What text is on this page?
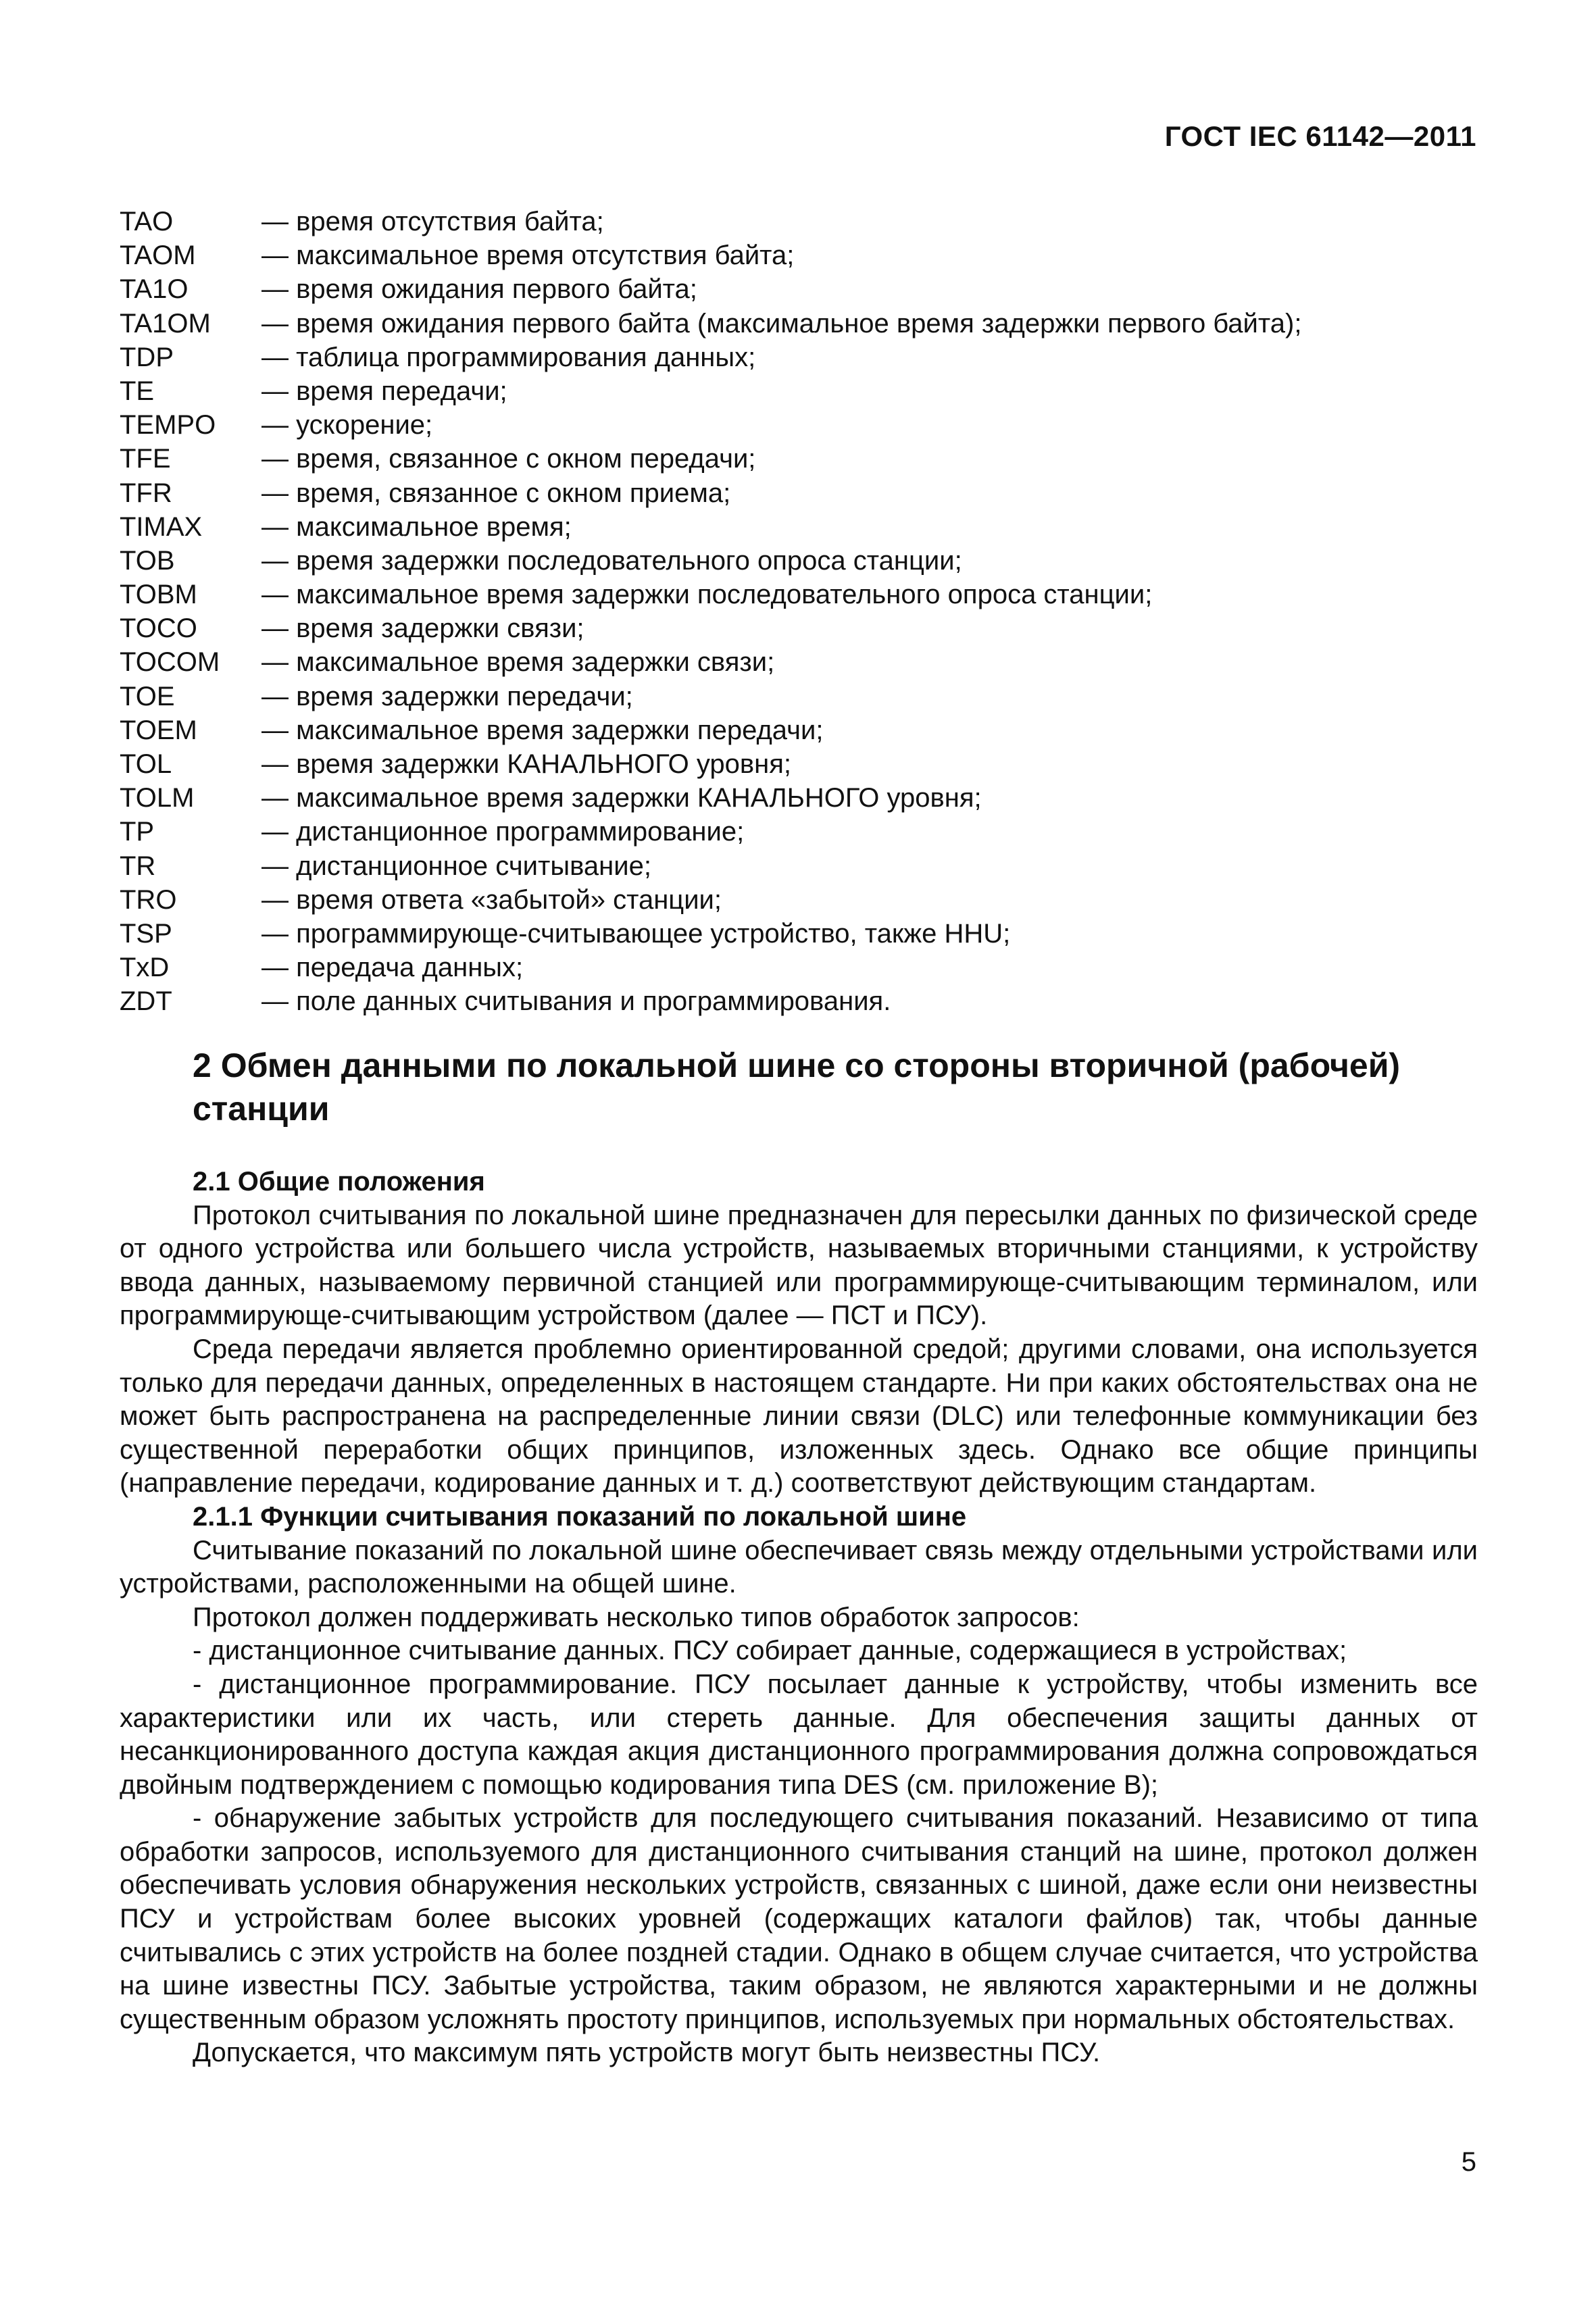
ГОСТ IEC 61142—2011
TAO	— время отсутствия байта;
TAOM	— максимальное время отсутствия байта;
TA1O	— время ожидания первого байта;
TA1OM	— время ожидания первого байта (максимальное время задержки первого байта);
TDP	— таблица программирования данных;
TE	— время передачи;
TEMPO	— ускорение;
TFE	— время, связанное с окном передачи;
TFR	— время, связанное с окном приема;
TIMAX	— максимальное время;
TOB	— время задержки последовательного опроса станции;
TOBM	— максимальное время задержки последовательного опроса станции;
TOCO	— время задержки связи;
TOCOM	— максимальное время задержки связи;
TOE	— время задержки передачи;
TOEM	— максимальное время задержки передачи;
TOL	— время задержки КАНАЛЬНОГО уровня;
TOLM	— максимальное время задержки КАНАЛЬНОГО уровня;
TP	— дистанционное программирование;
TR	— дистанционное считывание;
TRO	— время ответа «забытой» станции;
TSP	— программирующе-считывающее устройство, также HHU;
TxD	— передача данных;
ZDT	— поле данных считывания и программирования.
2 Обмен данными по локальной шине со стороны вторичной (рабочей) станции

2.1 Общие положения

Протокол считывания по локальной шине предназначен для пересылки данных по физической среде от одного устройства или большего числа устройств, называемых вторичными станциями, к устройству ввода данных, называемому первичной станцией или программирующе-считывающим терминалом, или программирующе-считывающим устройством (далее — ПСТ и ПСУ).

Среда передачи является проблемно ориентированной средой; другими словами, она используется только для передачи данных, определенных в настоящем стандарте. Ни при каких обстоятельствах она не может быть распространена на распределенные линии связи (DLC) или телефонные коммуникации без существенной переработки общих принципов, изложенных здесь. Однако все общие принципы (направление передачи, кодирование данных и т. д.) соответствуют действующим стандартам.

2.1.1 Функции считывания показаний по локальной шине

Считывание показаний по локальной шине обеспечивает связь между отдельными устройствами или устройствами, расположенными на общей шине.

Протокол должен поддерживать несколько типов обработок запросов:

- дистанционное считывание данных. ПСУ собирает данные, содержащиеся в устройствах;

- дистанционное программирование. ПСУ посылает данные к устройству, чтобы изменить все характеристики или их часть, или стереть данные. Для обеспечения защиты данных от несанкционированного доступа каждая акция дистанционного программирования должна сопровождаться двойным подтверждением с помощью кодирования типа DES (см. приложение В);

- обнаружение забытых устройств для последующего считывания показаний. Независимо от типа обработки запросов, используемого для дистанционного считывания станций на шине, протокол должен обеспечивать условия обнаружения нескольких устройств, связанных с шиной, даже если они неизвестны ПСУ и устройствам более высоких уровней (содержащих каталоги файлов) так, чтобы данные считывались с этих устройств на более поздней стадии. Однако в общем случае считается, что устройства на шине известны ПСУ. Забытые устройства, таким образом, не являются характерными и не должны существенным образом усложнять простоту принципов, используемых при нормальных обстоятельствах.

Допускается, что максимум пять устройств могут быть неизвестны ПСУ.

5
